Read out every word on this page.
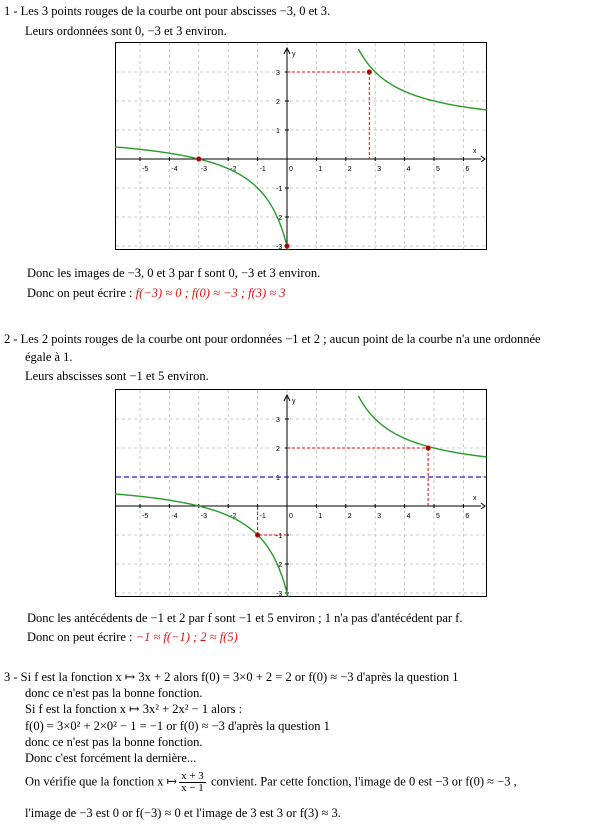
1 - Les 3 points rouges de la courbe ont pour abscisses −3, 0 et 3.
Leurs ordonnées sont 0, −3 et 3 environ.
x
y
-5	-4	-3	-2	-1	0	1	2	3	4	5	6
3
2
1
-1
-2
-3
Donc les images de −3, 0 et 3 par f sont 0, −3 et 3 environ.
Donc on peut écrire : f(−3) ≈ 0 ; f(0) ≈ −3 ; f(3) ≈ 3
2 - Les 2 points rouges de la courbe ont pour ordonnées −1 et 2 ; aucun point de la courbe n'a une ordonnée
égale à 1.
Leurs abscisses sont −1 et 5 environ.
x
y
-5	-4	-3	-2	-1	0	1	2	3	4	5	6
3
2
1
-1
-2
-3
Donc les antécédents de −1 et 2 par f sont −1 et 5 environ ; 1 n'a pas d'antécédent par f.
Donc on peut écrire : −1 ≈ f(−1) ; 2 ≈ f(5)
3 - Si f est la fonction x ↦ 3x + 2 alors f(0) = 3×0 + 2 = 2 or f(0) ≈ −3 d'après la question 1
donc ce n'est pas la bonne fonction.
Si f est la fonction x ↦ 3x² + 2x² − 1 alors :
f(0) = 3×0² + 2×0² − 1 = −1 or f(0) ≈ −3 d'après la question 1
donc ce n'est pas la bonne fonction.
Donc c'est forcément la dernière...
On vérifie que la fonction x ↦ $\frac{x + 3}{x - 1}$ convient. Par cette fonction, l'image de 0 est −3 or f(0) ≈ −3 ,
l'image de −3 est 0 or f(−3) ≈ 0 et l'image de 3 est 3 or f(3) ≈ 3.
